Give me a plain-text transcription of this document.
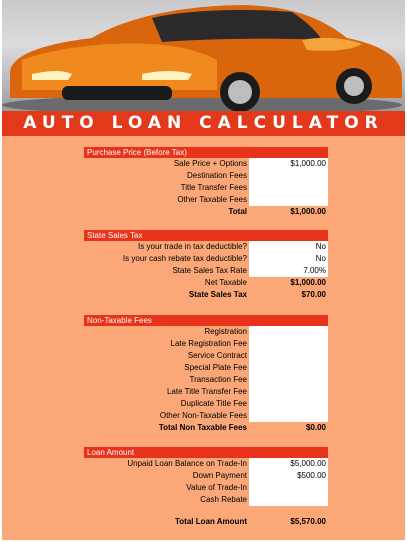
AUTO LOAN CALCULATOR
Purchase Price (Before Tax)
Sale Price + Options	$1,000.00
Destination Fees
Title Transfer Fees
Other Taxable Fees
Total	$1,000.00
State Sales Tax
Is your trade in tax deductible?	No
Is your cash rebate tax deductible?	No
State Sales Tax Rate	7.00%
Net Taxable	$1,000.00
State Sales Tax	$70.00
Non-Taxable Fees
Registration
Late Registration Fee
Service Contract
Special Plate Fee
Transaction Fee
Late Title Transfer Fee
Duplicate Title Fee
Other Non-Taxable Fees
Total Non Taxable Fees	$0.00
Loan Amount
Unpaid Loan Balance on Trade-In	$5,000.00
Down Payment	$500.00
Value of Trade-In
Cash Rebate
Total Loan Amount	$5,570.00
